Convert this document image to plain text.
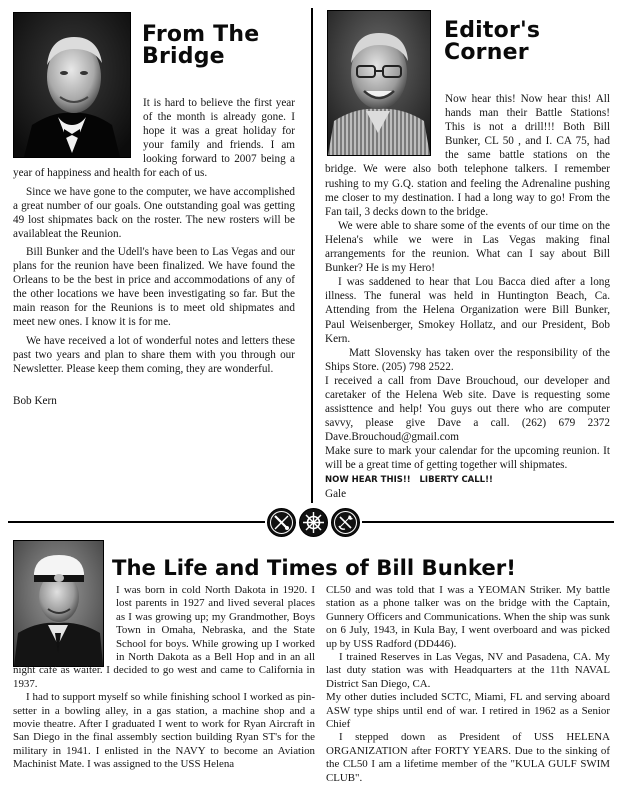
From The
Bridge

It is hard to believe the first year of the month is already gone. I hope it was a great holiday for your family and friends. I am looking forward to 2007 being a year of happiness and health for each of us.

Since we have gone to the computer, we have accomplished a great number of our goals. One outstanding goal was getting 49 lost shipmates back on the roster. The new rosters will be availableat the Reunion.

Bill Bunker and the Udell's have been to Las Vegas and our plans for the reunion have been finalized. We have found the Orleans to be the best in price and accommodations of any of the other locations we have been investigating so far. But the main reason for the Reunions is to meet old shipmates and meet new ones. I know it is for me.

We have received a lot of wonderful notes and letters these past two years and plan to share them with you through our Newsletter. Please keep them coming, they are wonderful.

Bob Kern

Editor's
Corner

Now hear this! Now hear this! All hands man their Battle Stations! This is not a drill!!! Both Bill Bunker, CL 50 , and I. CA 75, had the same battle stations on the bridge. We were also both telephone talkers. I remember rushing to my G.Q. station and feeling the Adrenaline pushing me closer to my destination. I had a long way to go! From the Fan tail, 3 decks down to the bridge.

We were able to share some of the events of our time on the Helena's while we were in Las Vegas making final arrangements for the reunion. What can I say about Bill Bunker? He is my Hero!

I was saddened to hear that Lou Bacca died after a long illness. The funeral was held in Huntington Beach, Ca. Attending from the Helena Organization were Bill Bunker, Paul Weisenberger, Smokey Hollatz, and our President, Bob Kern.

Matt Slovensky has taken over the responsibility of the Ships Store. (205) 798 2522.

I received a call from Dave Brouchoud, our developer and caretaker of the Helena Web site. Dave is requesting some assisttence and help! You guys out there who are computer savvy, please give Dave a call. (262) 679 2372 Dave.Brouchoud@gmail.com

Make sure to mark your calendar for the upcoming reunion. It will be a great time of getting together will shipmates.

NOW HEAR THIS!!   LIBERTY CALL!!

Gale

The Life and Times of Bill Bunker!

I was born in cold North Dakota in 1920. I lost parents in 1927 and lived several places as I was growing up; my Grandmother, Boys Town in Omaha, Nebraska, and the State School for boys. While growing up I worked in North Dakota as a Bell Hop and in an all night café as waiter. I decided to go west and came to California in 1937.

I had to support myself so while finishing school I worked as pin-setter in a bowling alley, in a gas station, a machine shop and a movie theatre. After I graduated I went to work for Ryan Aircraft in San Diego in the final assembly section building Ryan ST's for the military in 1941. I enlisted in the NAVY to become an Aviation Machinist Mate. I was assigned to the USS Helena

CL50 and was told that I was a YEOMAN Striker. My battle station as a phone talker was on the bridge with the Captain, Gunnery Officers and Communications. When the ship was sunk on 6 July, 1943, in Kula Bay, I went overboard and was picked up by USS Radford (DD446).

I trained Reserves in Las Vegas, NV and Pasadena, CA. My last duty station was with Headquarters at the 11th NAVAL District San Diego, CA.

My other duties included SCTC, Miami, FL and serving aboard ASW type ships until end of war. I retired in 1962 as a Senior Chief

I stepped down as President of USS HELENA ORGANIZATION after FORTY YEARS. Due to the sinking of the CL50 I am a lifetime member of the "KULA GULF SWIM CLUB".
